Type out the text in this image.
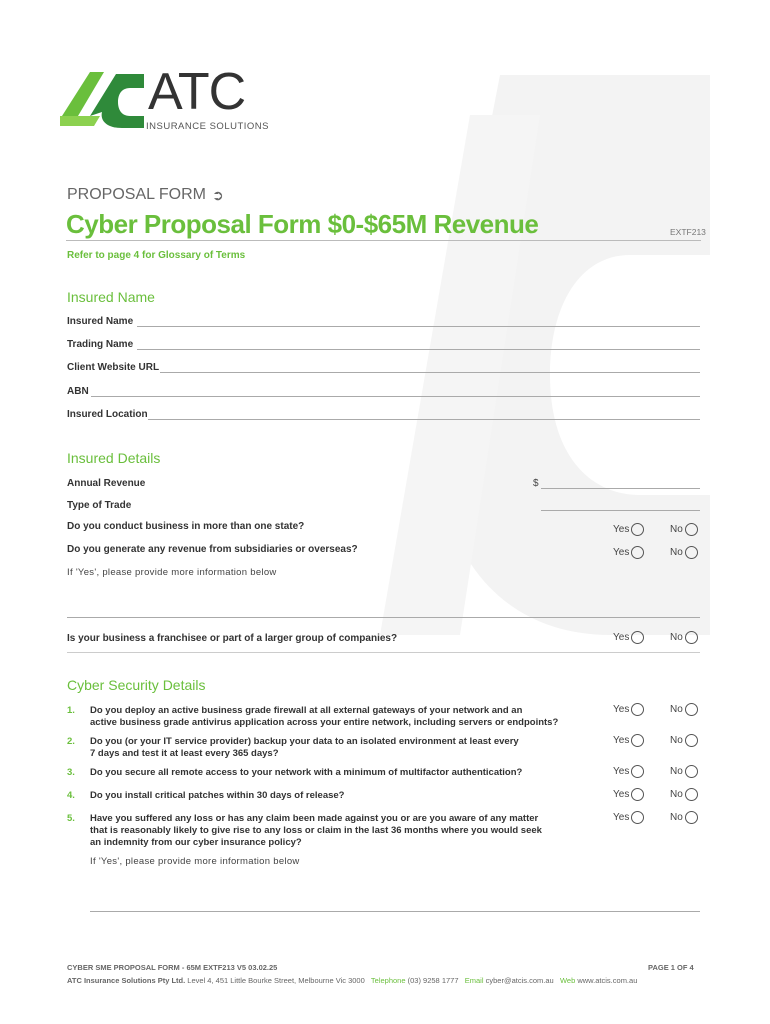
ATC
INSURANCE SOLUTIONS
PROPOSAL FORM ➲
Cyber Proposal Form $0-$65M Revenue	EXTF213
Refer to page 4 for Glossary of Terms
Insured Name
Insured Name
Trading Name
Client Website URL
ABN
Insured Location
Insured Details
Annual Revenue	$
Type of Trade
Do you conduct business in more than one state?	Yes	No
Do you generate any revenue from subsidiaries or overseas?	Yes	No
If 'Yes', please provide more information below
Is your business a franchisee or part of a larger group of companies?	Yes	No
Cyber Security Details
1. Do you deploy an active business grade firewall at all external gateways of your network and an
active business grade antivirus application across your entire network, including servers or endpoints?
Yes	No
2. Do you (or your IT service provider) backup your data to an isolated environment at least every
7 days and test it at least every 365 days?
Yes	No
3. Do you secure all remote access to your network with a minimum of multifactor authentication?	Yes	No
4. Do you install critical patches within 30 days of release?	Yes	No
5. Have you suffered any loss or has any claim been made against you or are you aware of any matter
that is reasonably likely to give rise to any loss or claim in the last 36 months where you would seek
an indemnity from our cyber insurance policy?
Yes	No
If 'Yes', please provide more information below
CYBER SME PROPOSAL FORM - 65M EXTF213 V5 03.02.25	PAGE 1 OF 4
ATC Insurance Solutions Pty Ltd. Level 4, 451 Little Bourke Street, Melbourne Vic 3000 Telephone (03) 9258 1777 Email cyber@atcis.com.au Web www.atcis.com.au
